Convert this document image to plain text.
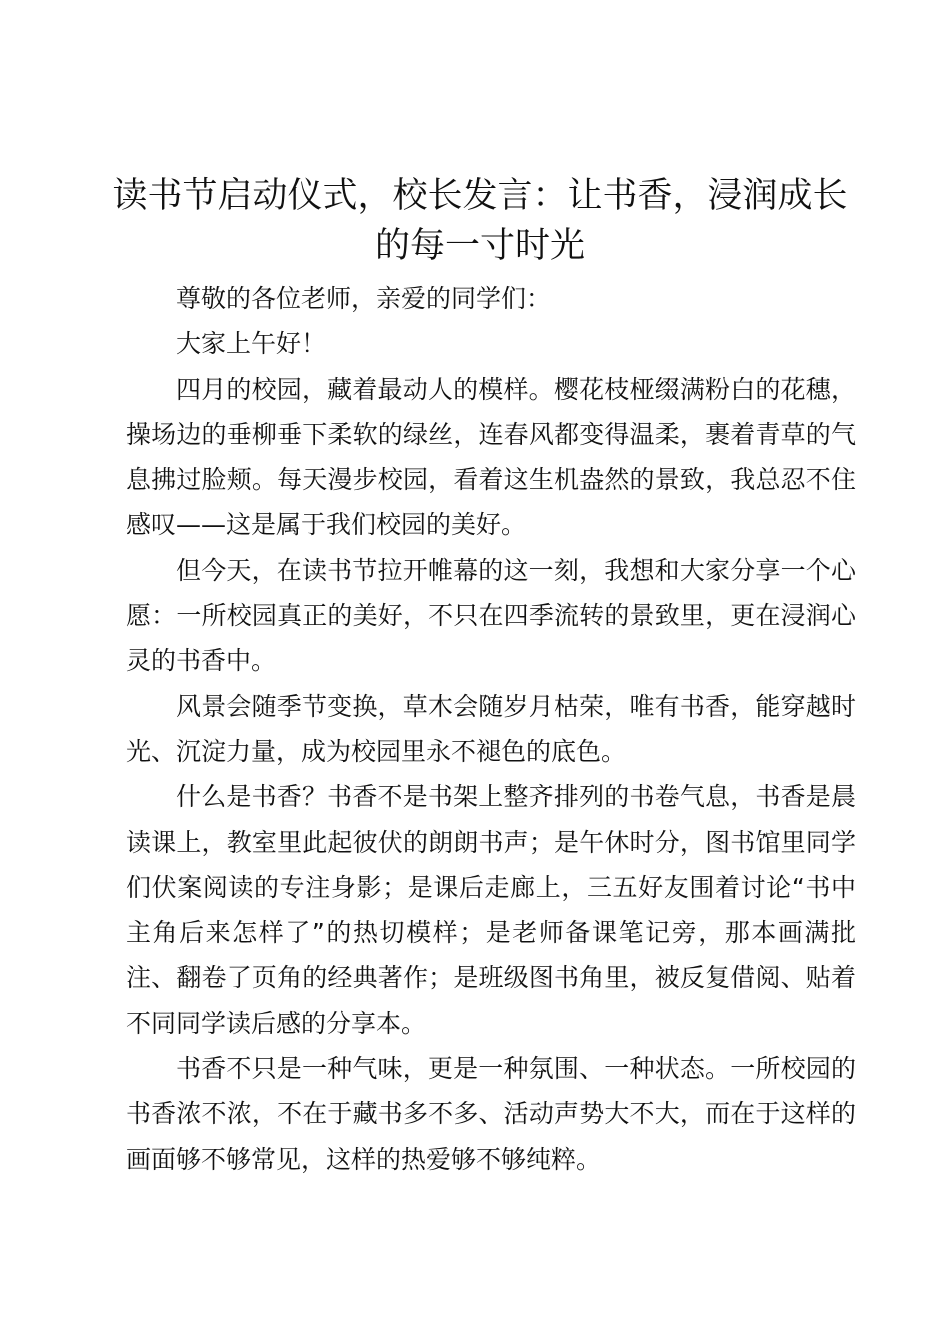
读书节启动仪式，校长发言：让书香，浸润成长的每一寸时光

尊敬的各位老师，亲爱的同学们：

大家上午好！

四月的校园，藏着最动人的模样。樱花枝桠缀满粉白的花穗，操场边的垂柳垂下柔软的绿丝，连春风都变得温柔，裹着青草的气息拂过脸颊。每天漫步校园，看着这生机盎然的景致，我总忍不住感叹——这是属于我们校园的美好。

但今天，在读书节拉开帷幕的这一刻，我想和大家分享一个心愿：一所校园真正的美好，不只在四季流转的景致里，更在浸润心灵的书香中。

风景会随季节变换，草木会随岁月枯荣，唯有书香，能穿越时光、沉淀力量，成为校园里永不褪色的底色。

什么是书香？书香不是书架上整齐排列的书卷气息，书香是晨读课上，教室里此起彼伏的朗朗书声；是午休时分，图书馆里同学们伏案阅读的专注身影；是课后走廊上，三五好友围着讨论“书中主角后来怎样了”的热切模样；是老师备课笔记旁，那本画满批注、翻卷了页角的经典著作；是班级图书角里，被反复借阅、贴着不同同学读后感的分享本。

书香不只是一种气味，更是一种氛围、一种状态。一所校园的书香浓不浓，不在于藏书多不多、活动声势大不大，而在于这样的画面够不够常见，这样的热爱够不够纯粹。
